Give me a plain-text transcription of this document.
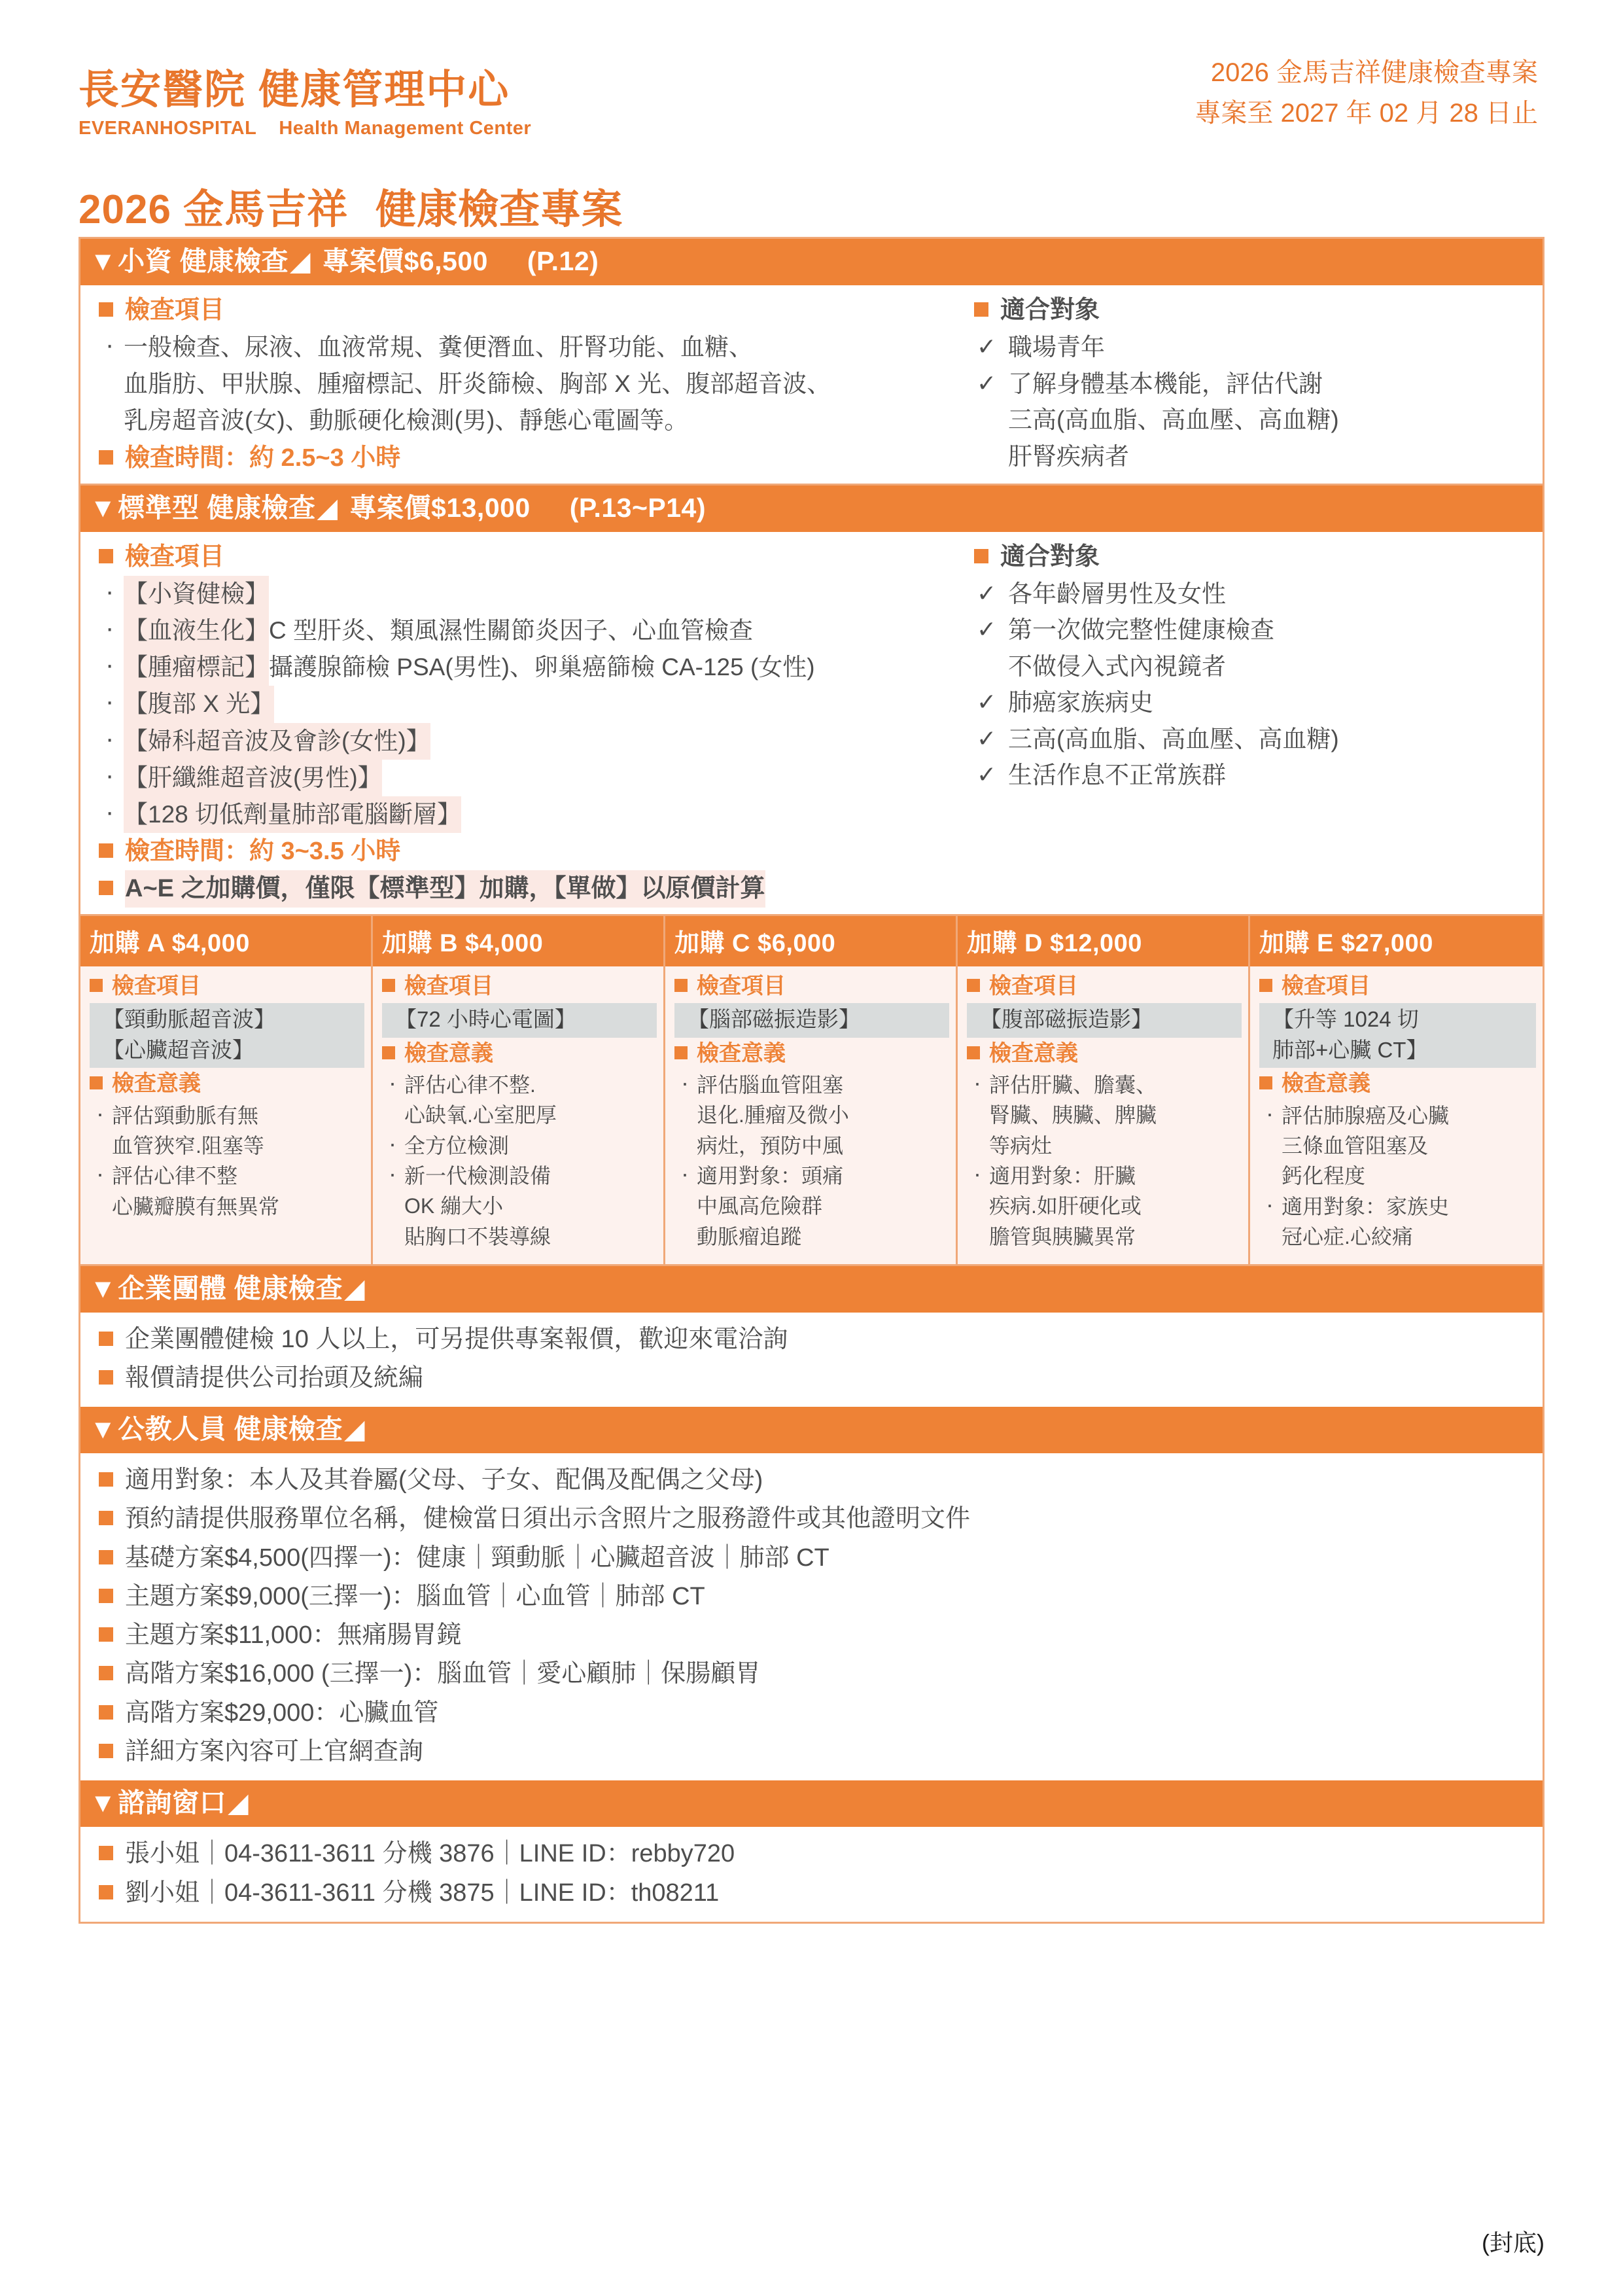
長安醫院 健康管理中心
EVERANHOSPITAL Health Management Center
2026 金馬吉祥健康檢查專案
專案至 2027 年 02 月 28 日止
2026 金馬吉祥 健康檢查專案
▼小資 健康檢查◢ 專案價$6,500 (P.12)
檢查項目
· 一般檢查、尿液、血液常規、糞便潛血、肝腎功能、血糖、
血脂肪、甲狀腺、腫瘤標記、肝炎篩檢、胸部 X 光、腹部超音波、
乳房超音波(女)、動脈硬化檢測(男)、靜態心電圖等。
檢查時間：約 2.5~3 小時
適合對象
✓ 職場青年
✓ 了解身體基本機能，評估代謝
三高(高血脂、高血壓、高血糖)
肝腎疾病者
▼標準型 健康檢查◢ 專案價$13,000 (P.13~P14)
檢查項目
· 【小資健檢】
· 【血液生化】C 型肝炎、類風濕性關節炎因子、心血管檢查
· 【腫瘤標記】攝護腺篩檢 PSA(男性)、卵巢癌篩檢 CA-125 (女性)
· 【腹部 X 光】
· 【婦科超音波及會診(女性)】
· 【肝纖維超音波(男性)】
· 【128 切低劑量肺部電腦斷層】
檢查時間：約 3~3.5 小時
適合對象
✓ 各年齡層男性及女性
✓ 第一次做完整性健康檢查
不做侵入式內視鏡者
✓ 肺癌家族病史
✓ 三高(高血脂、高血壓、高血糖)
✓ 生活作息不正常族群
A~E 之加購價，僅限【標準型】加購，【單做】以原價計算
加購 A $4,000
檢查項目
【頸動脈超音波】
【心臟超音波】
檢查意義
· 評估頸動脈有無
血管狹窄.阻塞等
· 評估心律不整
心臟瓣膜有無異常
加購 B $4,000
檢查項目
【72 小時心電圖】
檢查意義
· 評估心律不整.
心缺氧.心室肥厚
· 全方位檢測
· 新一代檢測設備
OK 繃大小
貼胸口不裝導線
加購 C $6,000
檢查項目
【腦部磁振造影】
檢查意義
· 評估腦血管阻塞
退化.腫瘤及微小
病灶，預防中風
· 適用對象：頭痛
中風高危險群
動脈瘤追蹤
加購 D $12,000
檢查項目
【腹部磁振造影】
檢查意義
· 評估肝臟、膽囊、
腎臟、胰臟、脾臟
等病灶
· 適用對象：肝臟
疾病.如肝硬化或
膽管與胰臟異常
加購 E $27,000
檢查項目
【升等 1024 切
肺部+心臟 CT】
檢查意義
· 評估肺腺癌及心臟
三條血管阻塞及
鈣化程度
· 適用對象：家族史
冠心症.心絞痛
▼企業團體 健康檢查◢
企業團體健檢 10 人以上，可另提供專案報價，歡迎來電洽詢
報價請提供公司抬頭及統編
▼公教人員 健康檢查◢
適用對象：本人及其眷屬(父母、子女、配偶及配偶之父母)
預約請提供服務單位名稱，健檢當日須出示含照片之服務證件或其他證明文件
基礎方案$4,500(四擇一)：健康｜頸動脈｜心臟超音波｜肺部 CT
主題方案$9,000(三擇一)：腦血管｜心血管｜肺部 CT
主題方案$11,000：無痛腸胃鏡
高階方案$16,000 (三擇一)：腦血管｜愛心顧肺｜保腸顧胃
高階方案$29,000：心臟血管
詳細方案內容可上官網查詢
▼諮詢窗口◢
張小姐｜04-3611-3611 分機 3876｜LINE ID：rebby720
劉小姐｜04-3611-3611 分機 3875｜LINE ID：th08211
(封底)
